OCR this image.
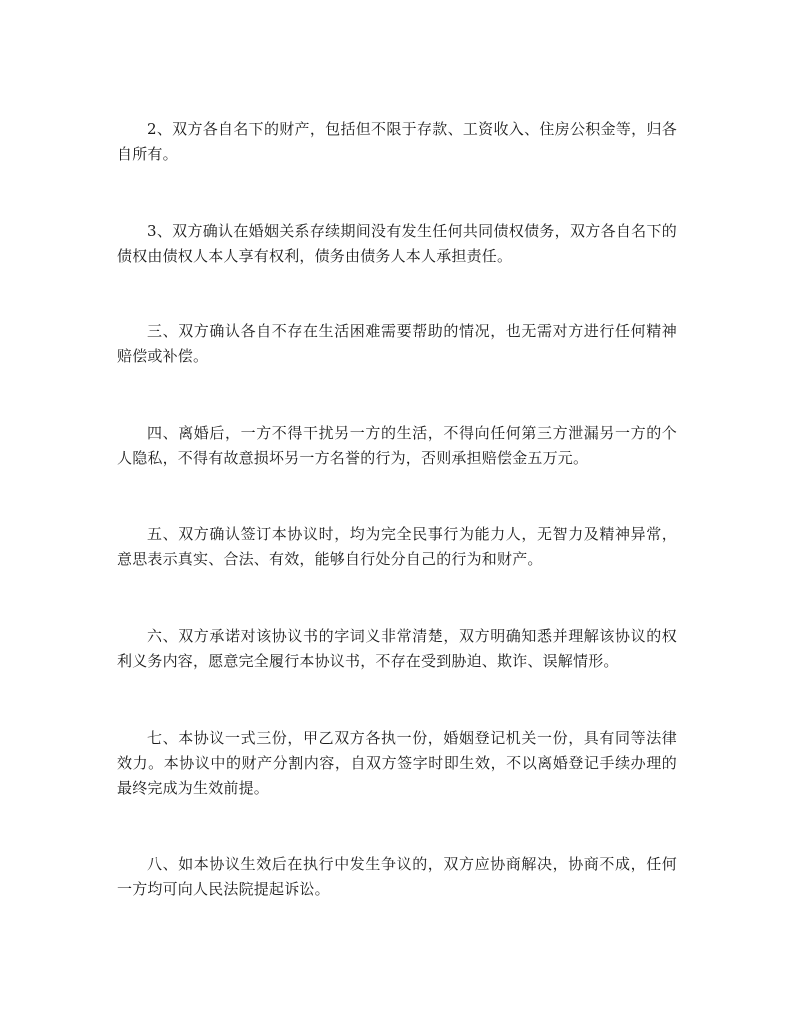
2、双方各自名下的财产，包括但不限于存款、工资收入、住房公积金等，归各自所有。

3、双方确认在婚姻关系存续期间没有发生任何共同债权债务，双方各自名下的债权由债权人本人享有权利，债务由债务人本人承担责任。

三、双方确认各自不存在生活困难需要帮助的情况，也无需对方进行任何精神赔偿或补偿。

四、离婚后，一方不得干扰另一方的生活，不得向任何第三方泄漏另一方的个人隐私，不得有故意损坏另一方名誉的行为，否则承担赔偿金五万元。

五、双方确认签订本协议时，均为完全民事行为能力人，无智力及精神异常，意思表示真实、合法、有效，能够自行处分自己的行为和财产。

六、双方承诺对该协议书的字词义非常清楚，双方明确知悉并理解该协议的权利义务内容，愿意完全履行本协议书，不存在受到胁迫、欺诈、误解情形。

七、本协议一式三份，甲乙双方各执一份，婚姻登记机关一份，具有同等法律效力。本协议中的财产分割内容，自双方签字时即生效，不以离婚登记手续办理的最终完成为生效前提。

八、如本协议生效后在执行中发生争议的，双方应协商解决，协商不成，任何一方均可向人民法院提起诉讼。
